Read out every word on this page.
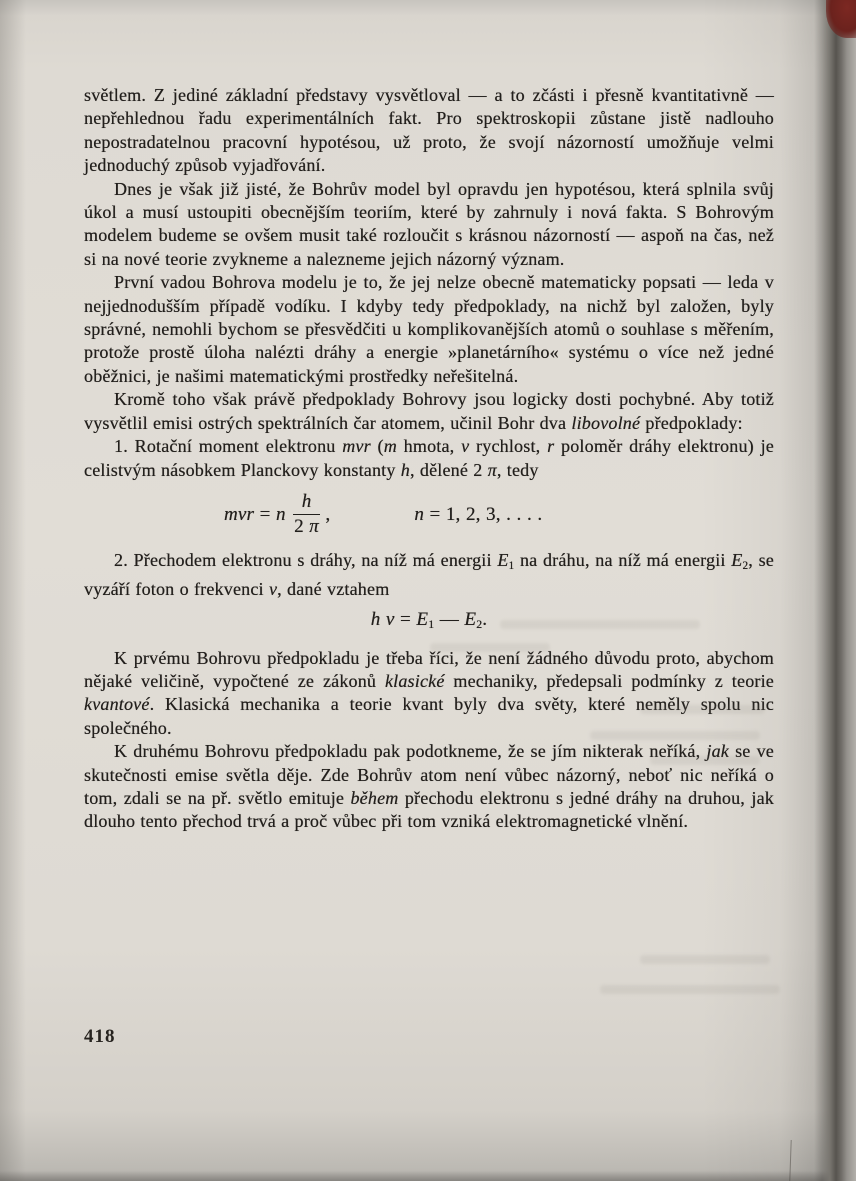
světlem. Z jediné základní představy vysvětloval — a to zčásti i přesně kvantitativně — nepřehlednou řadu experimentálních fakt. Pro spektroskopii zůstane jistě nadlouho nepostradatelnou pracovní hypotésou, už proto, že svojí názorností umožňuje velmi jednoduchý způsob vyjadřování.

Dnes je však již jisté, že Bohrův model byl opravdu jen hypotésou, která splnila svůj úkol a musí ustoupiti obecnějším teoriím, které by zahrnuly i nová fakta. S Bohrovým modelem budeme se ovšem musit také rozloučit s krásnou názorností — aspoň na čas, než si na nové teorie zvykneme a nalezneme jejich názorný význam.

První vadou Bohrova modelu je to, že jej nelze obecně matematicky popsati — leda v nejjednodušším případě vodíku. I kdyby tedy předpoklady, na nichž byl založen, byly správné, nemohli bychom se přesvědčiti u komplikovanějších atomů o souhlase s měřením, protože prostě úloha nalézti dráhy a energie »planetárního« systému o více než jedné oběžnici, je našimi matematickými prostředky neřešitelná.

Kromě toho však právě předpoklady Bohrovy jsou logicky dosti pochybné. Aby totiž vysvětlil emisi ostrých spektrálních čar atomem, učinil Bohr dva libovolné předpoklady:

1. Rotační moment elektronu mvr (m hmota, v rychlost, r poloměr dráhy elektronu) je celistvým násobkem Planckovy konstanty h, dělené 2 π, tedy

mvr = n $\frac{h}{2 \pi}$ ,	n = 1, 2, 3, . . . .

2. Přechodem elektronu s dráhy, na níž má energii $E_1$ na dráhu, na níž má energii $E_2$, se vyzáří foton o frekvenci ν, dané vztahem

h $\nu = E_1$ — $E_2$.

K prvému Bohrovu předpokladu je třeba říci, že není žádného důvodu proto, abychom nějaké veličině, vypočtené ze zákonů klasické mechaniky, předepsali podmínky z teorie kvantové. Klasická mechanika a teorie kvant byly dva světy, které neměly spolu nic společného.

K druhému Bohrovu předpokladu pak podotkneme, že se jím nikterak neříká, jak se ve skutečnosti emise světla děje. Zde Bohrův atom není vůbec názorný, neboť nic neříká o tom, zdali se na př. světlo emituje během přechodu elektronu s jedné dráhy na druhou, jak dlouho tento přechod trvá a proč vůbec při tom vzniká elektromagnetické vlnění.

418
